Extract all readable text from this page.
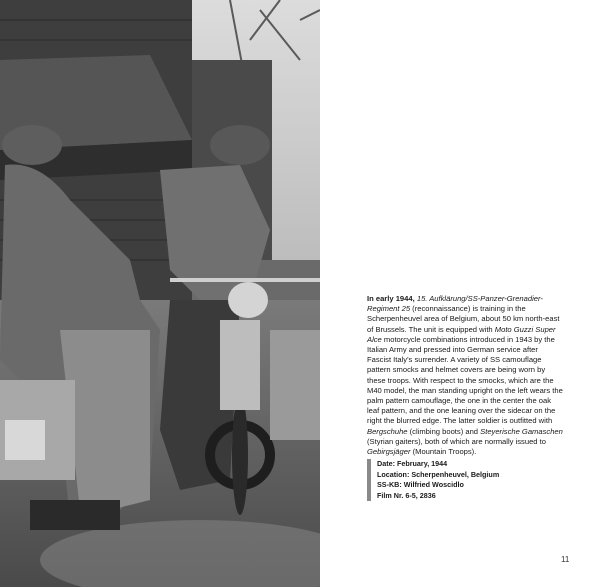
In early 1944, 15. Aufklärung/SS-Panzer-Grenadier-Regiment 25 (reconnaissance) is training in the Scherpenheuvel area of Belgium, about 50 km north-east of Brussels. The unit is equipped with Moto Guzzi Super Alce motorcycle combinations introduced in 1943 by the Italian Army and pressed into German service after Fascist Italy's surrender. A variety of SS camouflage pattern smocks and helmet covers are being worn by these troops. With respect to the smocks, which are the M40 model, the man standing upright on the left wears the palm pattern camouflage, the one in the center the oak leaf pattern, and the one leaning over the sidecar on the right the blurred edge. The latter soldier is outfitted with Bergschuhe (climbing boots) and Steyerische Gamaschen (Styrian gaiters), both of which are normally issued to Gebirgsjäger (Mountain Troops).

Date: February, 1944
Location: Scherpenheuvel, Belgium
SS-KB: Wilfried Woscidlo
Film Nr. 6-5, 2836
11
